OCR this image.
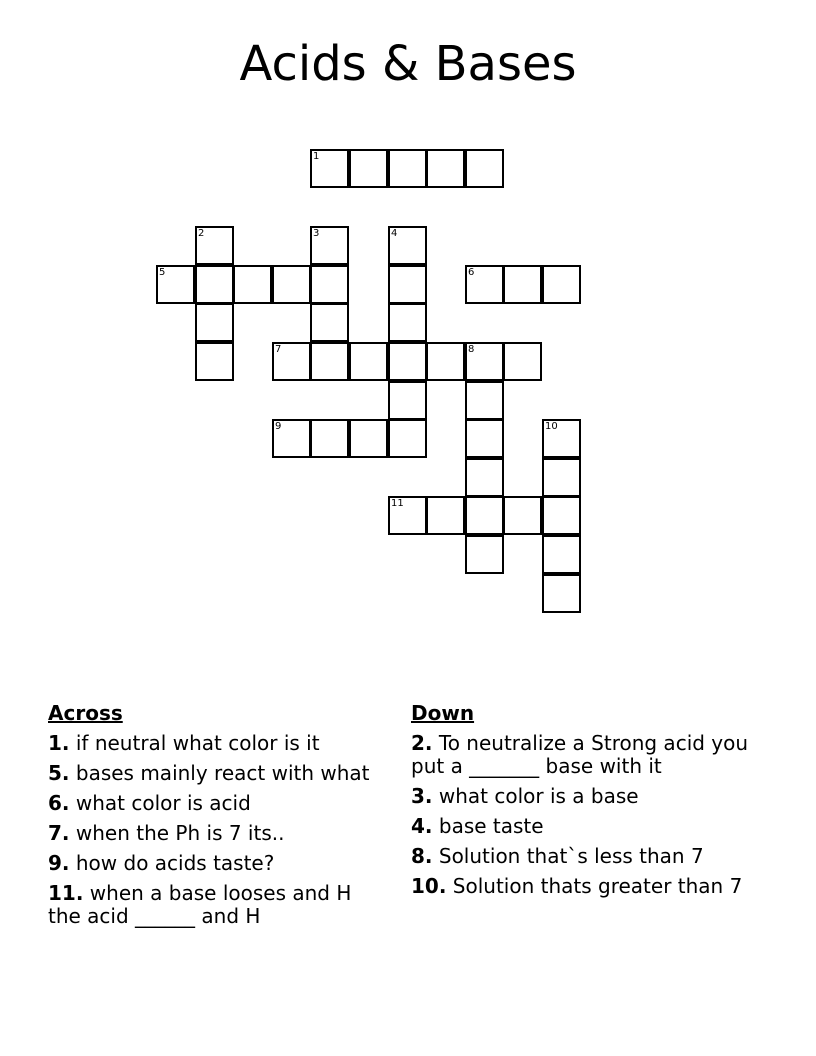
Acids & Bases
1
2	3	4
5	6
7	8
9	10
11
Across
1. if neutral what color is it
5. bases mainly react with what
6. what color is acid
7. when the Ph is 7 its..
9. how do acids taste?
11. when a base looses and H the acid ______ and H
Down
2. To neutralize a Strong acid you put a _______ base with it
3. what color is a base
4. base taste
8. Solution that`s less than 7
10. Solution thats greater than 7
